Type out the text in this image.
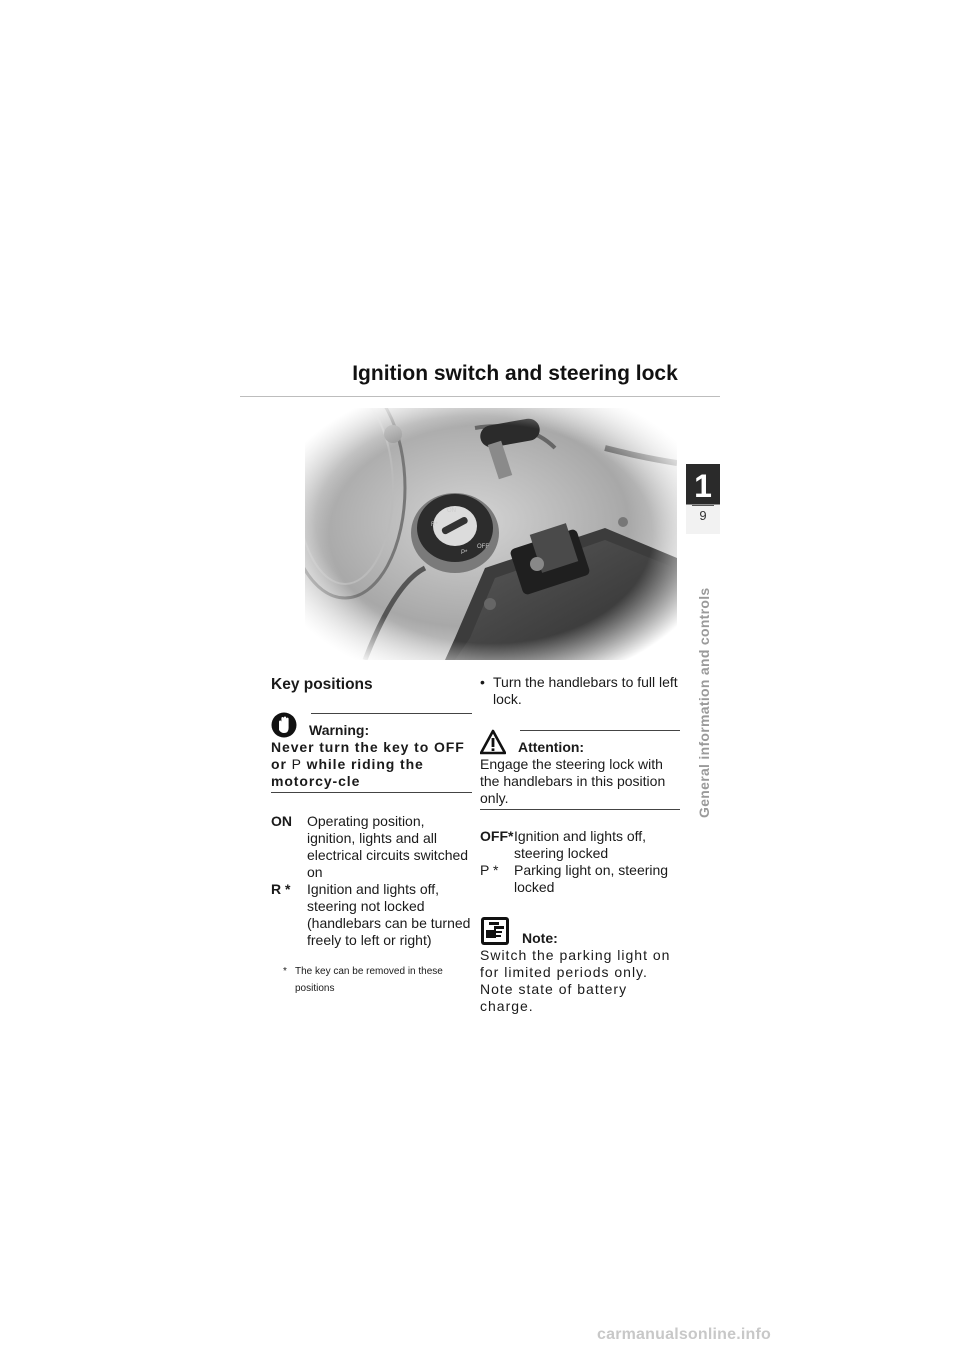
Ignition switch and steering lock
1
9
General information and controls
Key positions
Warning:
Never turn the key to OFF or P while riding the motorcy-cle
ON	Operating position, ignition, lights and all electrical circuits switched on
R *	Ignition and lights off, steering not locked (handlebars can be turned freely to left or right)
* The key can be removed in these positions
• Turn the handlebars to full left lock.
Attention:
Engage the steering lock with the handlebars in this position only.
OFF* Ignition and lights off, steering locked
P *	Parking light on, steering locked
Note:
Switch the parking light on for limited periods only. Note state of battery charge.
carmanualsonline.info
